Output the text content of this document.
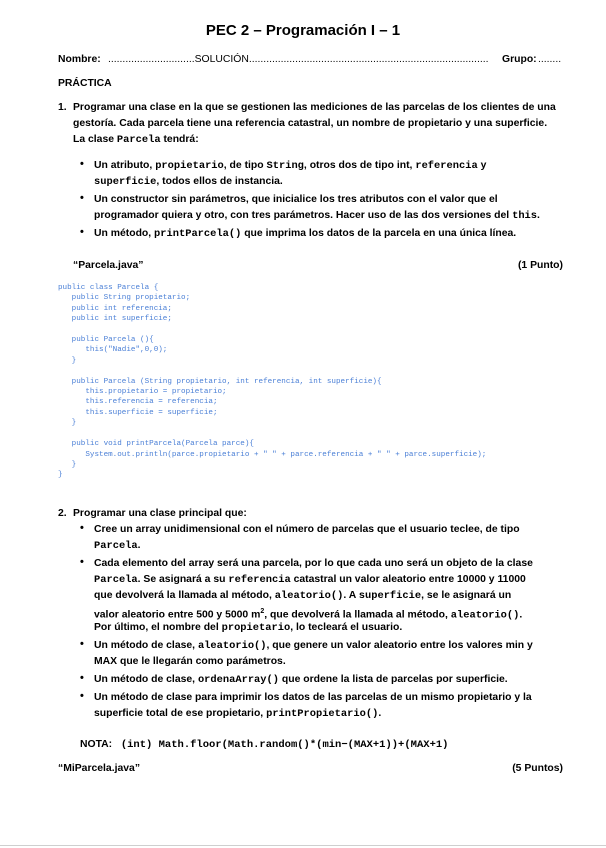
PEC 2 – Programación I – 1
Nombre: ..............................SOLUCIÓN...................................................................................	Grupo: ........
PRÁCTICA
1. Programar una clase en la que se gestionen las mediciones de las parcelas de los clientes de una
gestoría. Cada parcela tiene una referencia catastral, un nombre de propietario y una superficie.
La clase Parcela tendrá:
• Un atributo, propietario, de tipo String, otros dos de tipo int, referencia y
superficie, todos ellos de instancia.
• Un constructor sin parámetros, que inicialice los tres atributos con el valor que el
programador quiera y otro, con tres parámetros. Hacer uso de las dos versiones del this.
• Un método, printParcela() que imprima los datos de la parcela en una única línea.
“Parcela.java”	(1 Punto)
public class Parcela {
public String propietario;
public int referencia;
public int superficie;

public Parcela (){
this("Nadie",0,0);
}

public Parcela (String propietario, int referencia, int superficie){
this.propietario = propietario;
this.referencia = referencia;
this.superficie = superficie;
}

public void printParcela(Parcela parce){
System.out.println(parce.propietario + " " + parce.referencia + " " + parce.superficie);
}
}
2. Programar una clase principal que:
• Cree un array unidimensional con el número de parcelas que el usuario teclee, de tipo
Parcela.
• Cada elemento del array será una parcela, por lo que cada uno será un objeto de la clase
Parcela. Se asignará a su referencia catastral un valor aleatorio entre 10000 y 11000
que devolverá la llamada al método, aleatorio(). A superficie, se le asignará un
valor aleatorio entre 500 y 5000 $m^2$, que devolverá la llamada al método, aleatorio().
Por último, el nombre del propietario, lo tecleará el usuario.
• Un método de clase, aleatorio(), que genere un valor aleatorio entre los valores min y
MAX que le llegarán como parámetros.
• Un método de clase, ordenaArray() que ordene la lista de parcelas por superficie.
• Un método de clase para imprimir los datos de las parcelas de un mismo propietario y la
superficie total de ese propietario, printPropietario().
NOTA: (int) Math.floor(Math.random()*(min−(MAX+1))+(MAX+1)
“MiParcela.java”	(5 Puntos)
